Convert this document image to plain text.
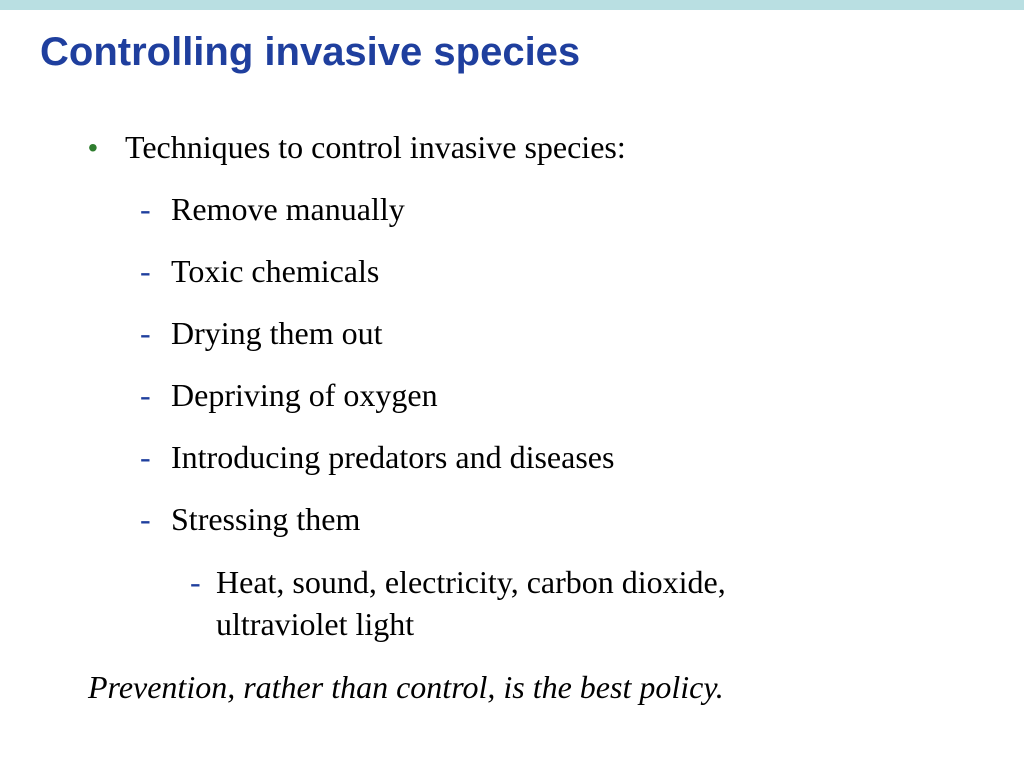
Controlling invasive species
• Techniques to control invasive species:
- Remove manually
- Toxic chemicals
- Drying them out
- Depriving of oxygen
- Introducing predators and diseases
- Stressing them
- Heat, sound, electricity, carbon dioxide,
ultraviolet light
Prevention, rather than control, is the best policy.
